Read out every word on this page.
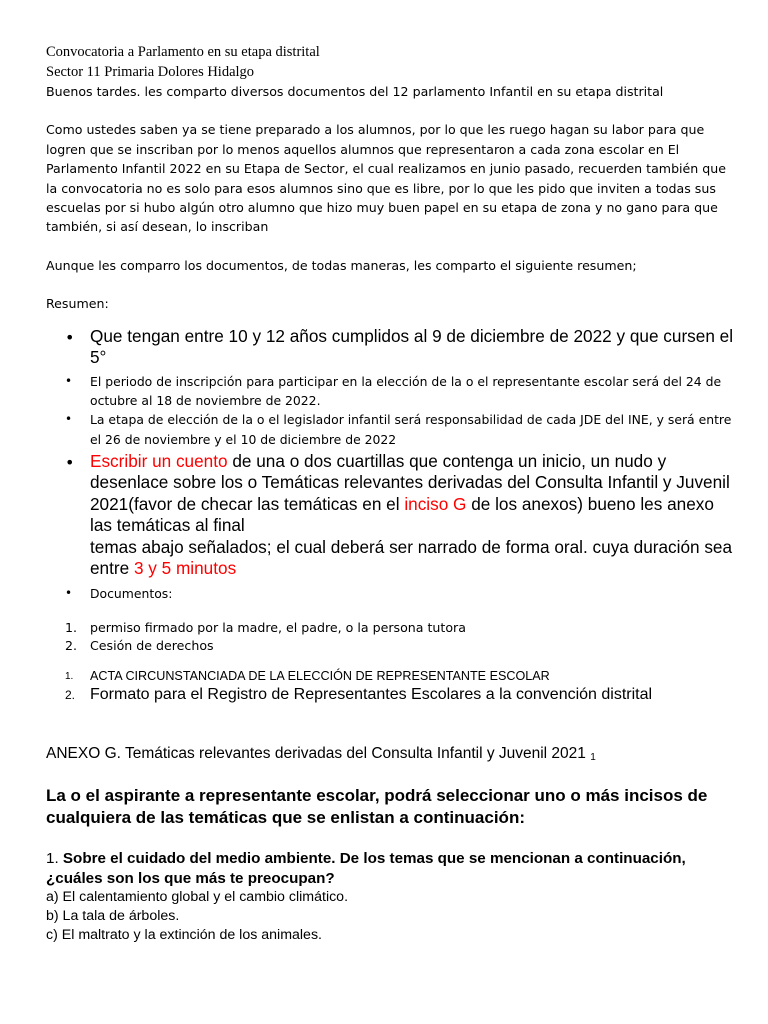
Convocatoria a Parlamento en su etapa distrital

Sector 11 Primaria Dolores Hidalgo

Buenos tardes. les comparto diversos documentos del 12 parlamento Infantil en su etapa distrital

Como ustedes saben ya se tiene preparado a los alumnos, por lo que les ruego hagan su labor para que logren que se inscriban por lo menos aquellos alumnos que representaron a cada zona escolar en El Parlamento Infantil 2022 en su Etapa de Sector, el cual realizamos en junio pasado, recuerden también que la convocatoria no es solo para esos alumnos sino que es libre, por lo que les pido que inviten a todas sus escuelas por si hubo algún otro alumno que hizo muy buen papel en su etapa de zona y no gano para que también, si así desean, lo inscriban

Aunque les comparro los documentos, de todas maneras, les comparto el siguiente resumen;

Resumen:

• Que tengan entre 10 y 12 años cumplidos al 9 de diciembre de 2022 y que cursen el 5°

• El periodo de inscripción para participar en la elección de la o el representante escolar será del 24 de octubre al 18 de noviembre de 2022.

• La etapa de elección de la o el legislador infantil será responsabilidad de cada JDE del INE, y será entre el 26 de noviembre y el 10 de diciembre de 2022

• Escribir un cuento de una o dos cuartillas que contenga un inicio, un nudo y desenlace sobre los o Temáticas relevantes derivadas del Consulta Infantil y Juvenil 2021(favor de checar las temáticas en el inciso G de los anexos) bueno les anexo las temáticas al final
temas abajo señalados; el cual deberá ser narrado de forma oral. cuya duración sea entre 3 y 5 minutos

• Documentos:

1. permiso firmado por la madre, el padre, o la persona tutora

2. Cesión de derechos

1. ACTA CIRCUNSTANCIADA DE LA ELECCIÓN DE REPRESENTANTE ESCOLAR

2. Formato para el Registro de Representantes Escolares a la convención distrital

ANEXO G. Temáticas relevantes derivadas del Consulta Infantil y Juvenil 2021 $^1$

La o el aspirante a representante escolar, podrá seleccionar uno o más incisos de cualquiera de las temáticas que se enlistan a continuación:

1. Sobre el cuidado del medio ambiente. De los temas que se mencionan a continuación, ¿cuáles son los que más te preocupan?

a) El calentamiento global y el cambio climático.

b) La tala de árboles.

c) El maltrato y la extinción de los animales.
